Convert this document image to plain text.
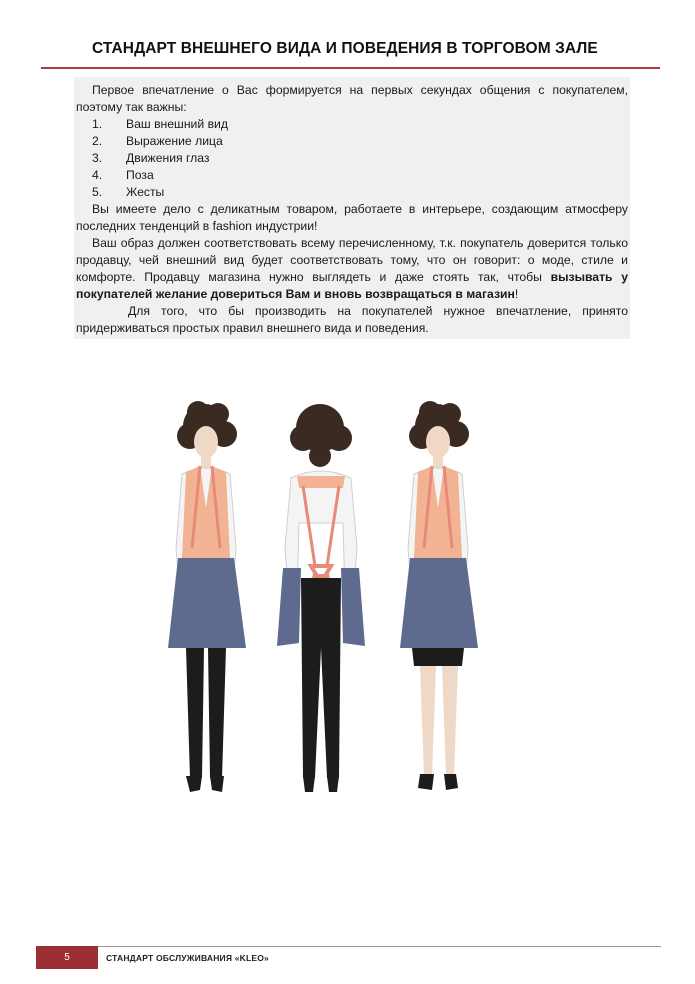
СТАНДАРТ ВНЕШНЕГО ВИДА И ПОВЕДЕНИЯ В ТОРГОВОМ ЗАЛЕ

Первое впечатление о Вас формируется на первых секундах общения с покупателем, поэтому так важны:

1. Ваш внешний вид
2. Выражение лица
3. Движения глаз
4. Поза
5. Жесты

Вы имеете дело с деликатным товаром, работаете в интерьере, создающим атмосферу последних тенденций в fashion индустрии!

Ваш образ должен соответствовать всему перечисленному, т.к. покупатель доверится только продавцу, чей внешний вид будет соответствовать тому, что он говорит: о моде, стиле и комфорте. Продавцу магазина нужно выглядеть и даже стоять так, чтобы вызывать у покупателей желание довериться Вам и вновь возвращаться в магазин!

Для того, что бы производить на покупателей нужное впечатление, принято придерживаться простых правил внешнего вида и поведения.

5	СТАНДАРТ ОБСЛУЖИВАНИЯ «KLEO»
